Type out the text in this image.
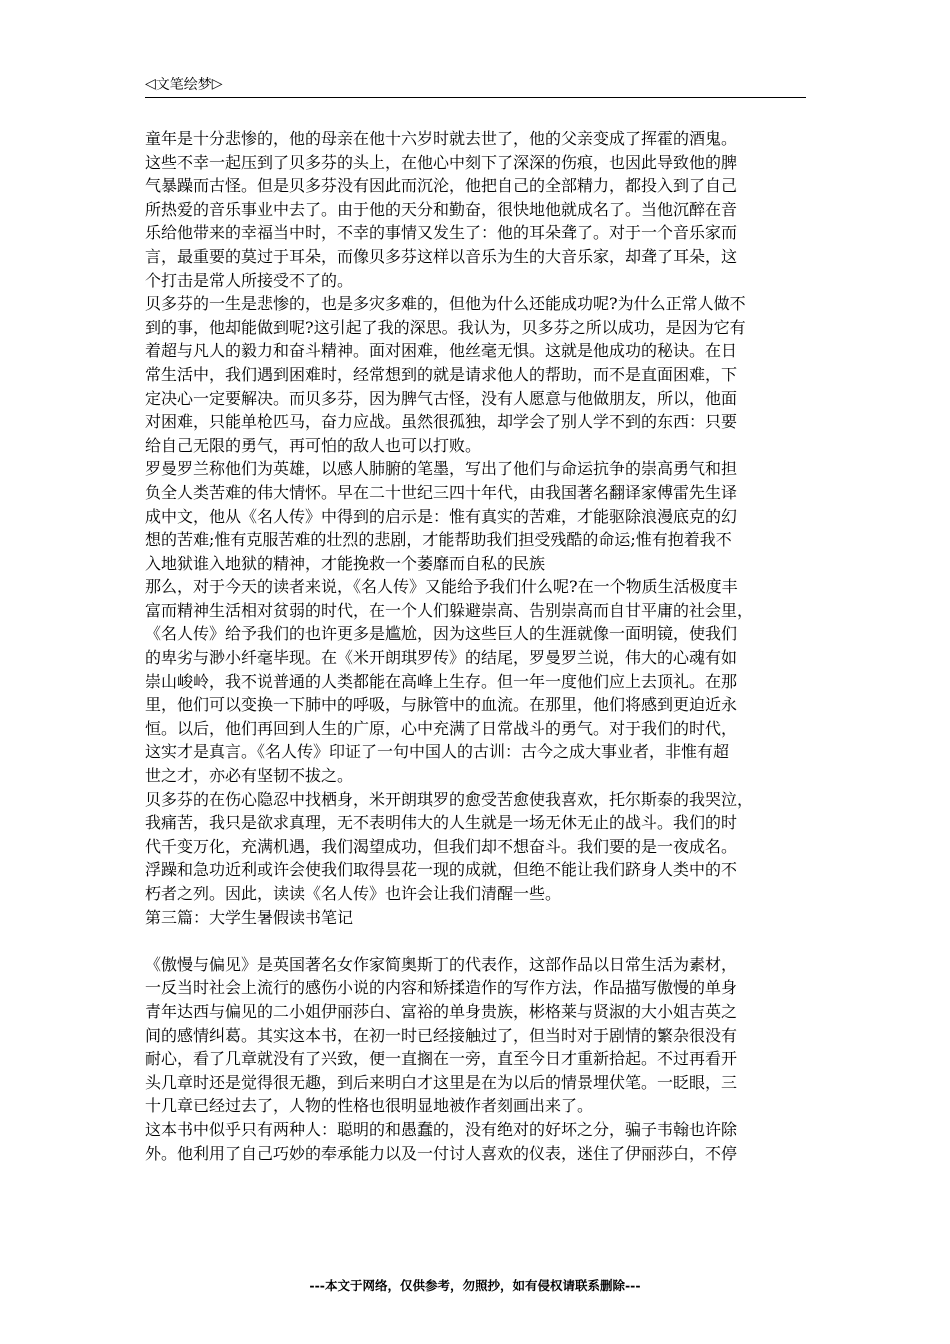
◁ 文笔绘梦 ▷
童年是十分悲惨的，他的母亲在他十六岁时就去世了，他的父亲变成了挥霍的酒鬼。
这些不幸一起压到了贝多芬的头上，在他心中刻下了深深的伤痕，也因此导致他的脾
气暴躁而古怪。但是贝多芬没有因此而沉沦，他把自己的全部精力，都投入到了自己
所热爱的音乐事业中去了。由于他的天分和勤奋，很快地他就成名了。当他沉醉在音
乐给他带来的幸福当中时，不幸的事情又发生了：他的耳朵聋了。对于一个音乐家而
言，最重要的莫过于耳朵，而像贝多芬这样以音乐为生的大音乐家，却聋了耳朵，这
个打击是常人所接受不了的。
贝多芬的一生是悲惨的，也是多灾多难的，但他为什么还能成功呢?为什么正常人做不
到的事，他却能做到呢?这引起了我的深思。我认为，贝多芬之所以成功，是因为它有
着超与凡人的毅力和奋斗精神。面对困难，他丝毫无惧。这就是他成功的秘诀。在日
常生活中，我们遇到困难时，经常想到的就是请求他人的帮助，而不是直面困难，下
定决心一定要解决。而贝多芬，因为脾气古怪，没有人愿意与他做朋友，所以，他面
对困难，只能单枪匹马，奋力应战。虽然很孤独，却学会了别人学不到的东西：只要
给自己无限的勇气，再可怕的敌人也可以打败。
罗曼罗兰称他们为英雄，以感人肺腑的笔墨，写出了他们与命运抗争的崇高勇气和担
负全人类苦难的伟大情怀。早在二十世纪三四十年代，由我国著名翻译家傅雷先生译
成中文，他从《名人传》中得到的启示是：惟有真实的苦难，才能驱除浪漫底克的幻
想的苦难;惟有克服苦难的壮烈的悲剧，才能帮助我们担受残酷的命运;惟有抱着我不
入地狱谁入地狱的精神，才能挽救一个萎靡而自私的民族
那么，对于今天的读者来说，《名人传》又能给予我们什么呢?在一个物质生活极度丰
富而精神生活相对贫弱的时代，在一个人们躲避崇高、告别崇高而自甘平庸的社会里，
《名人传》给予我们的也许更多是尴尬，因为这些巨人的生涯就像一面明镜，使我们
的卑劣与渺小纤毫毕现。在《米开朗琪罗传》的结尾，罗曼罗兰说，伟大的心魂有如
崇山峻岭，我不说普通的人类都能在高峰上生存。但一年一度他们应上去顶礼。在那
里，他们可以变换一下肺中的呼吸，与脉管中的血流。在那里，他们将感到更迫近永
恒。以后，他们再回到人生的广原，心中充满了日常战斗的勇气。对于我们的时代，
这实才是真言。《名人传》印证了一句中国人的古训：古今之成大事业者，非惟有超
世之才，亦必有坚韧不拔之。
贝多芬的在伤心隐忍中找栖身，米开朗琪罗的愈受苦愈使我喜欢，托尔斯泰的我哭泣，
我痛苦，我只是欲求真理，无不表明伟大的人生就是一场无休无止的战斗。我们的时
代千变万化，充满机遇，我们渴望成功，但我们却不想奋斗。我们要的是一夜成名。
浮躁和急功近利或许会使我们取得昙花一现的成就，但绝不能让我们跻身人类中的不
朽者之列。因此，读读《名人传》也许会让我们清醒一些。
第三篇：大学生暑假读书笔记
《傲慢与偏见》是英国著名女作家简奥斯丁的代表作，这部作品以日常生活为素材，
一反当时社会上流行的感伤小说的内容和矫揉造作的写作方法，作品描写傲慢的单身
青年达西与偏见的二小姐伊丽莎白、富裕的单身贵族，彬格莱与贤淑的大小姐吉英之
间的感情纠葛。其实这本书，在初一时已经接触过了，但当时对于剧情的繁杂很没有
耐心，看了几章就没有了兴致，便一直搁在一旁，直至今日才重新拾起。不过再看开
头几章时还是觉得很无趣，到后来明白才这里是在为以后的情景埋伏笔。一眨眼，三
十几章已经过去了，人物的性格也很明显地被作者刻画出来了。
这本书中似乎只有两种人：聪明的和愚蠢的，没有绝对的好坏之分，骗子韦翰也许除
外。他利用了自己巧妙的奉承能力以及一付讨人喜欢的仪表，迷住了伊丽莎白，不停
---本文于网络，仅供参考，勿照抄，如有侵权请联系删除---
